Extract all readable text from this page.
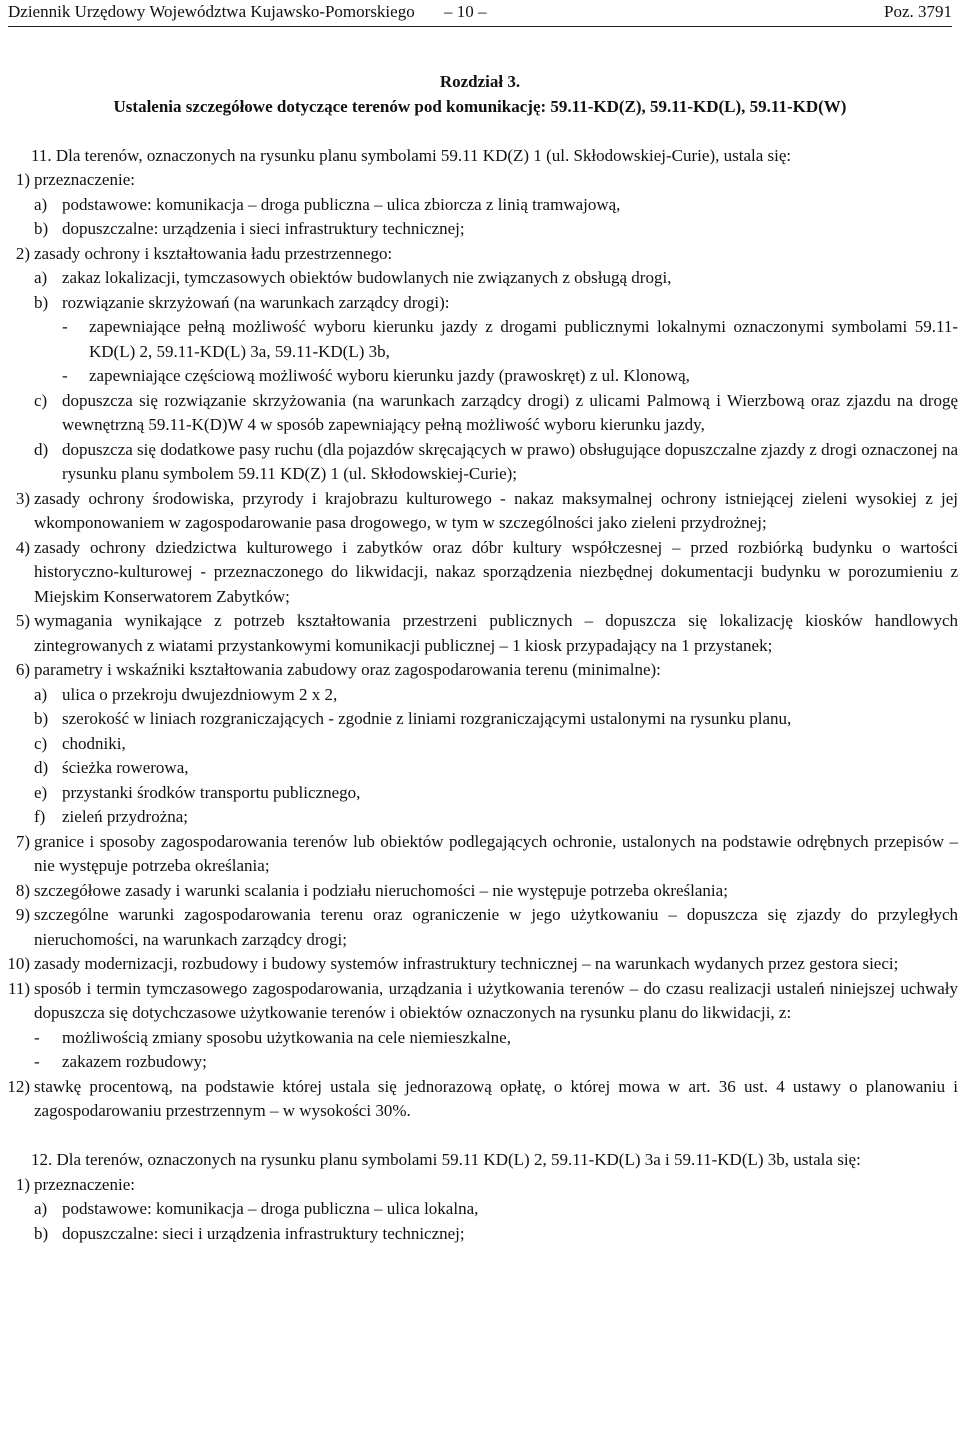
Dziennik Urzędowy Województwa Kujawsko-Pomorskiego – 10 –	Poz. 3791
Rozdział 3.
Ustalenia szczegółowe dotyczące terenów pod komunikację: 59.11-KD(Z), 59.11-KD(L), 59.11-KD(W)

11. Dla terenów, oznaczonych na rysunku planu symbolami 59.11 KD(Z) 1 (ul. Skłodowskiej-Curie), ustala się:

1) przeznaczenie:
a) podstawowe: komunikacja – droga publiczna – ulica zbiorcza z linią tramwajową,
b) dopuszczalne: urządzenia i sieci infrastruktury technicznej;
2) zasady ochrony i kształtowania ładu przestrzennego:
a) zakaz lokalizacji, tymczasowych obiektów budowlanych nie związanych z obsługą drogi,
b) rozwiązanie skrzyżowań (na warunkach zarządcy drogi):
- zapewniające pełną możliwość wyboru kierunku jazdy z drogami publicznymi lokalnymi oznaczonymi symbolami 59.11-KD(L) 2, 59.11-KD(L) 3a, 59.11-KD(L) 3b,
- zapewniające częściową możliwość wyboru kierunku jazdy (prawoskręt) z ul. Klonową,
c) dopuszcza się rozwiązanie skrzyżowania (na warunkach zarządcy drogi) z ulicami Palmową i Wierzbową oraz zjazdu na drogę wewnętrzną 59.11-K(D)W 4 w sposób zapewniający pełną możliwość wyboru kierunku jazdy,
d) dopuszcza się dodatkowe pasy ruchu (dla pojazdów skręcających w prawo) obsługujące dopuszczalne zjazdy z drogi oznaczonej na rysunku planu symbolem 59.11 KD(Z) 1 (ul. Skłodowskiej-Curie);
3) zasady ochrony środowiska, przyrody i krajobrazu kulturowego - nakaz maksymalnej ochrony istniejącej zieleni wysokiej z jej wkomponowaniem w zagospodarowanie pasa drogowego, w tym w szczególności jako zieleni przydrożnej;
4) zasady ochrony dziedzictwa kulturowego i zabytków oraz dóbr kultury współczesnej – przed rozbiórką budynku o wartości historyczno-kulturowej - przeznaczonego do likwidacji, nakaz sporządzenia niezbędnej dokumentacji budynku w porozumieniu z Miejskim Konserwatorem Zabytków;
5) wymagania wynikające z potrzeb kształtowania przestrzeni publicznych – dopuszcza się lokalizację kiosków handlowych zintegrowanych z wiatami przystankowymi komunikacji publicznej – 1 kiosk przypadający na 1 przystanek;
6) parametry i wskaźniki kształtowania zabudowy oraz zagospodarowania terenu (minimalne):
a) ulica o przekroju dwujezdniowym 2 x 2,
b) szerokość w liniach rozgraniczających - zgodnie z liniami rozgraniczającymi ustalonymi na rysunku planu,
c) chodniki,
d) ścieżka rowerowa,
e) przystanki środków transportu publicznego,
f) zieleń przydrożna;
7) granice i sposoby zagospodarowania terenów lub obiektów podlegających ochronie, ustalonych na podstawie odrębnych przepisów – nie występuje potrzeba określania;
8) szczegółowe zasady i warunki scalania i podziału nieruchomości – nie występuje potrzeba określania;
9) szczególne warunki zagospodarowania terenu oraz ograniczenie w jego użytkowaniu – dopuszcza się zjazdy do przyległych nieruchomości, na warunkach zarządcy drogi;
10) zasady modernizacji, rozbudowy i budowy systemów infrastruktury technicznej – na warunkach wydanych przez gestora sieci;
11) sposób i termin tymczasowego zagospodarowania, urządzania i użytkowania terenów – do czasu realizacji ustaleń niniejszej uchwały dopuszcza się dotychczasowe użytkowanie terenów i obiektów oznaczonych na rysunku planu do likwidacji, z:
- możliwością zmiany sposobu użytkowania na cele niemieszkalne,
- zakazem rozbudowy;
12) stawkę procentową, na podstawie której ustala się jednorazową opłatę, o której mowa w art. 36 ust. 4 ustawy o planowaniu i zagospodarowaniu przestrzennym – w wysokości 30%.

12. Dla terenów, oznaczonych na rysunku planu symbolami 59.11 KD(L) 2, 59.11-KD(L) 3a i 59.11-KD(L) 3b, ustala się:

1) przeznaczenie:
a) podstawowe: komunikacja – droga publiczna – ulica lokalna,
b) dopuszczalne: sieci i urządzenia infrastruktury technicznej;
